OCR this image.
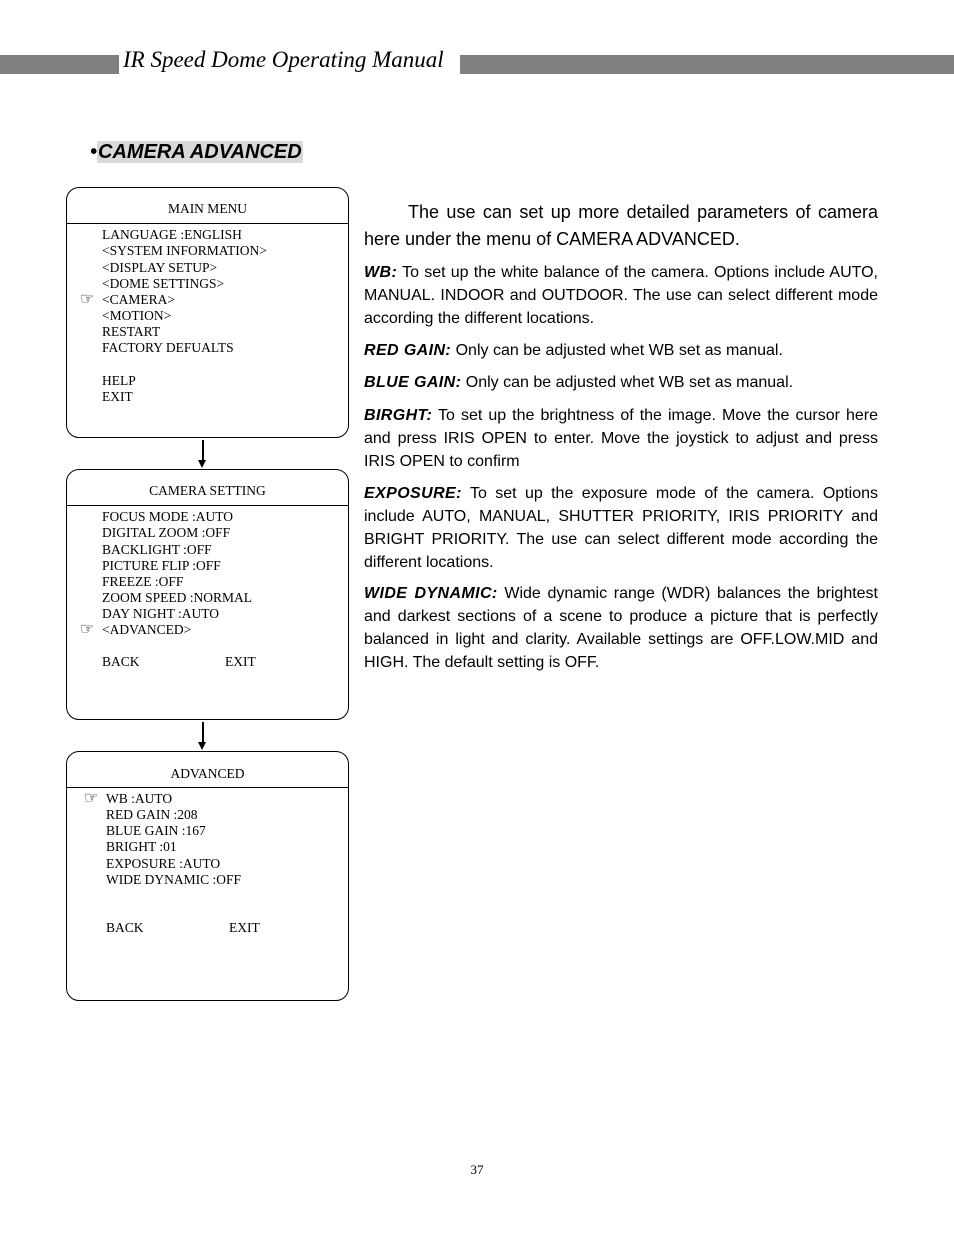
IR Speed Dome Operating Manual
•CAMERA ADVANCED
MAIN MENU
LANGUAGE :ENGLISH
<SYSTEM INFORMATION>
<DISPLAY SETUP>
<DOME SETTINGS>
☞ <CAMERA>
<MOTION>
RESTART
FACTORY DEFUALTS
HELP
EXIT
CAMERA SETTING
FOCUS MODE :AUTO
DIGITAL ZOOM :OFF
BACKLIGHT :OFF
PICTURE FLIP :OFF
FREEZE :OFF
ZOOM SPEED :NORMAL
DAY NIGHT :AUTO
☞ <ADVANCED>
BACK	EXIT
ADVANCED
☞ WB :AUTO
RED GAIN :208
BLUE GAIN :167
BRIGHT :01
EXPOSURE :AUTO
WIDE DYNAMIC :OFF
BACK	EXIT
The use can set up more detailed parameters of camera here under the menu of CAMERA ADVANCED.
WB: To set up the white balance of the camera. Options include AUTO, MANUAL. INDOOR and OUTDOOR. The use can select different mode according the different locations.
RED GAIN: Only can be adjusted whet WB set as manual.
BLUE GAIN: Only can be adjusted whet WB set as manual.
BIRGHT: To set up the brightness of the image. Move the cursor here and press IRIS OPEN to enter. Move the joystick to adjust and press IRIS OPEN to confirm
EXPOSURE: To set up the exposure mode of the camera. Options include AUTO, MANUAL, SHUTTER PRIORITY, IRIS PRIORITY and BRIGHT PRIORITY. The use can select different mode according the different locations.
WIDE DYNAMIC: Wide dynamic range (WDR) balances the brightest and darkest sections of a scene to produce a picture that is perfectly balanced in light and clarity. Available settings are OFF.LOW.MID and HIGH. The default setting is OFF.
37
